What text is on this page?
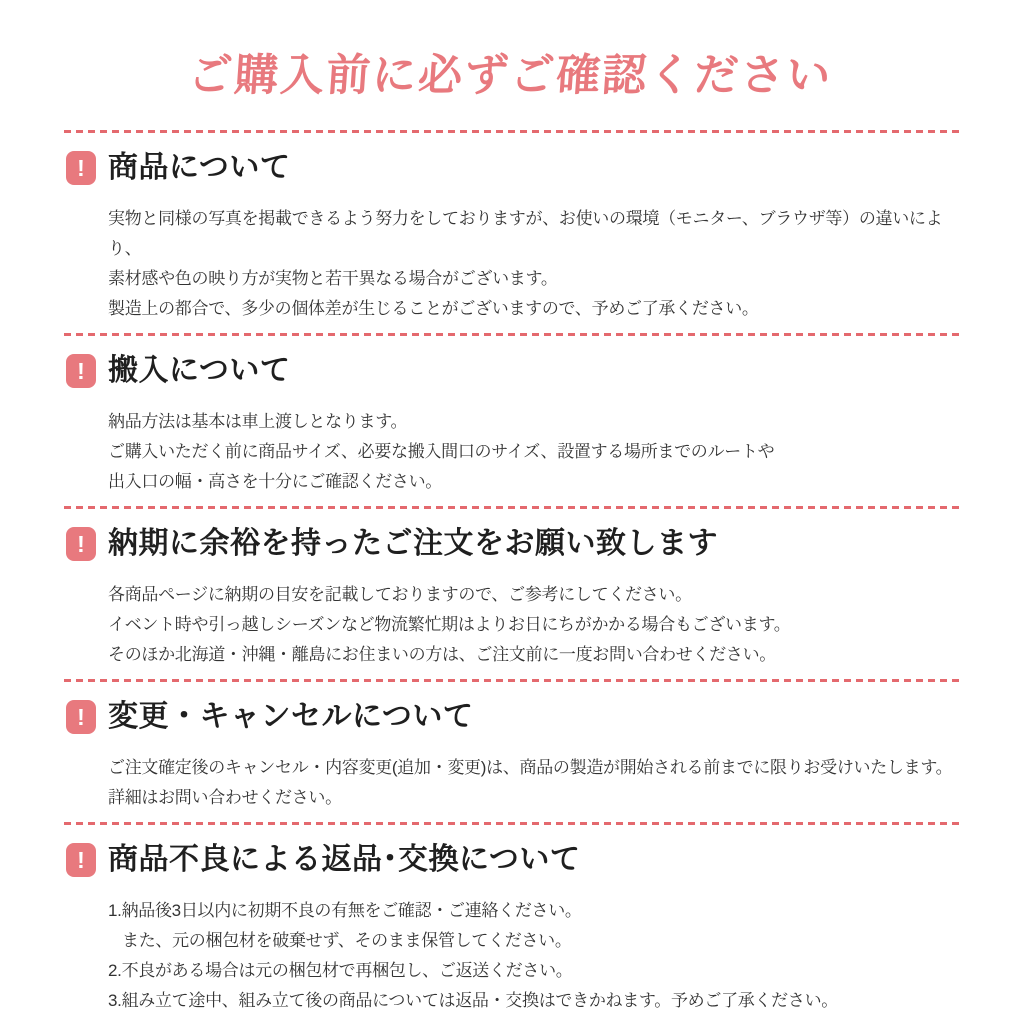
ご購入前に必ずご確認ください
! 商品について

実物と同様の写真を掲載できるよう努力をしておりますが、お使いの環境（モニター、ブラウザ等）の違いにより、

素材感や色の映り方が実物と若干異なる場合がございます。

製造上の都合で、多少の個体差が生じることがございますので、予めご了承ください。

! 搬入について

納品方法は基本は車上渡しとなります。

ご購入いただく前に商品サイズ、必要な搬入間口のサイズ、設置する場所までのルートや

出入口の幅・高さを十分にご確認ください。

! 納期に余裕を持ったご注文をお願い致します

各商品ページに納期の目安を記載しておりますので、ご参考にしてください。

イベント時や引っ越しシーズンなど物流繁忙期はよりお日にちがかかる場合もございます。

そのほか北海道・沖縄・離島にお住まいの方は、ご注文前に一度お問い合わせください。

! 変更・キャンセルについて

ご注文確定後のキャンセル・内容変更(追加・変更)は、商品の製造が開始される前までに限りお受けいたします。

詳細はお問い合わせください。

! 商品不良による返品･交換について

1.納品後3日以内に初期不良の有無をご確認・ご連絡ください。

また、元の梱包材を破棄せず、そのまま保管してください。

2.不良がある場合は元の梱包材で再梱包し、ご返送ください。

3.組み立て途中、組み立て後の商品については返品・交換はできかねます。予めご了承ください。
